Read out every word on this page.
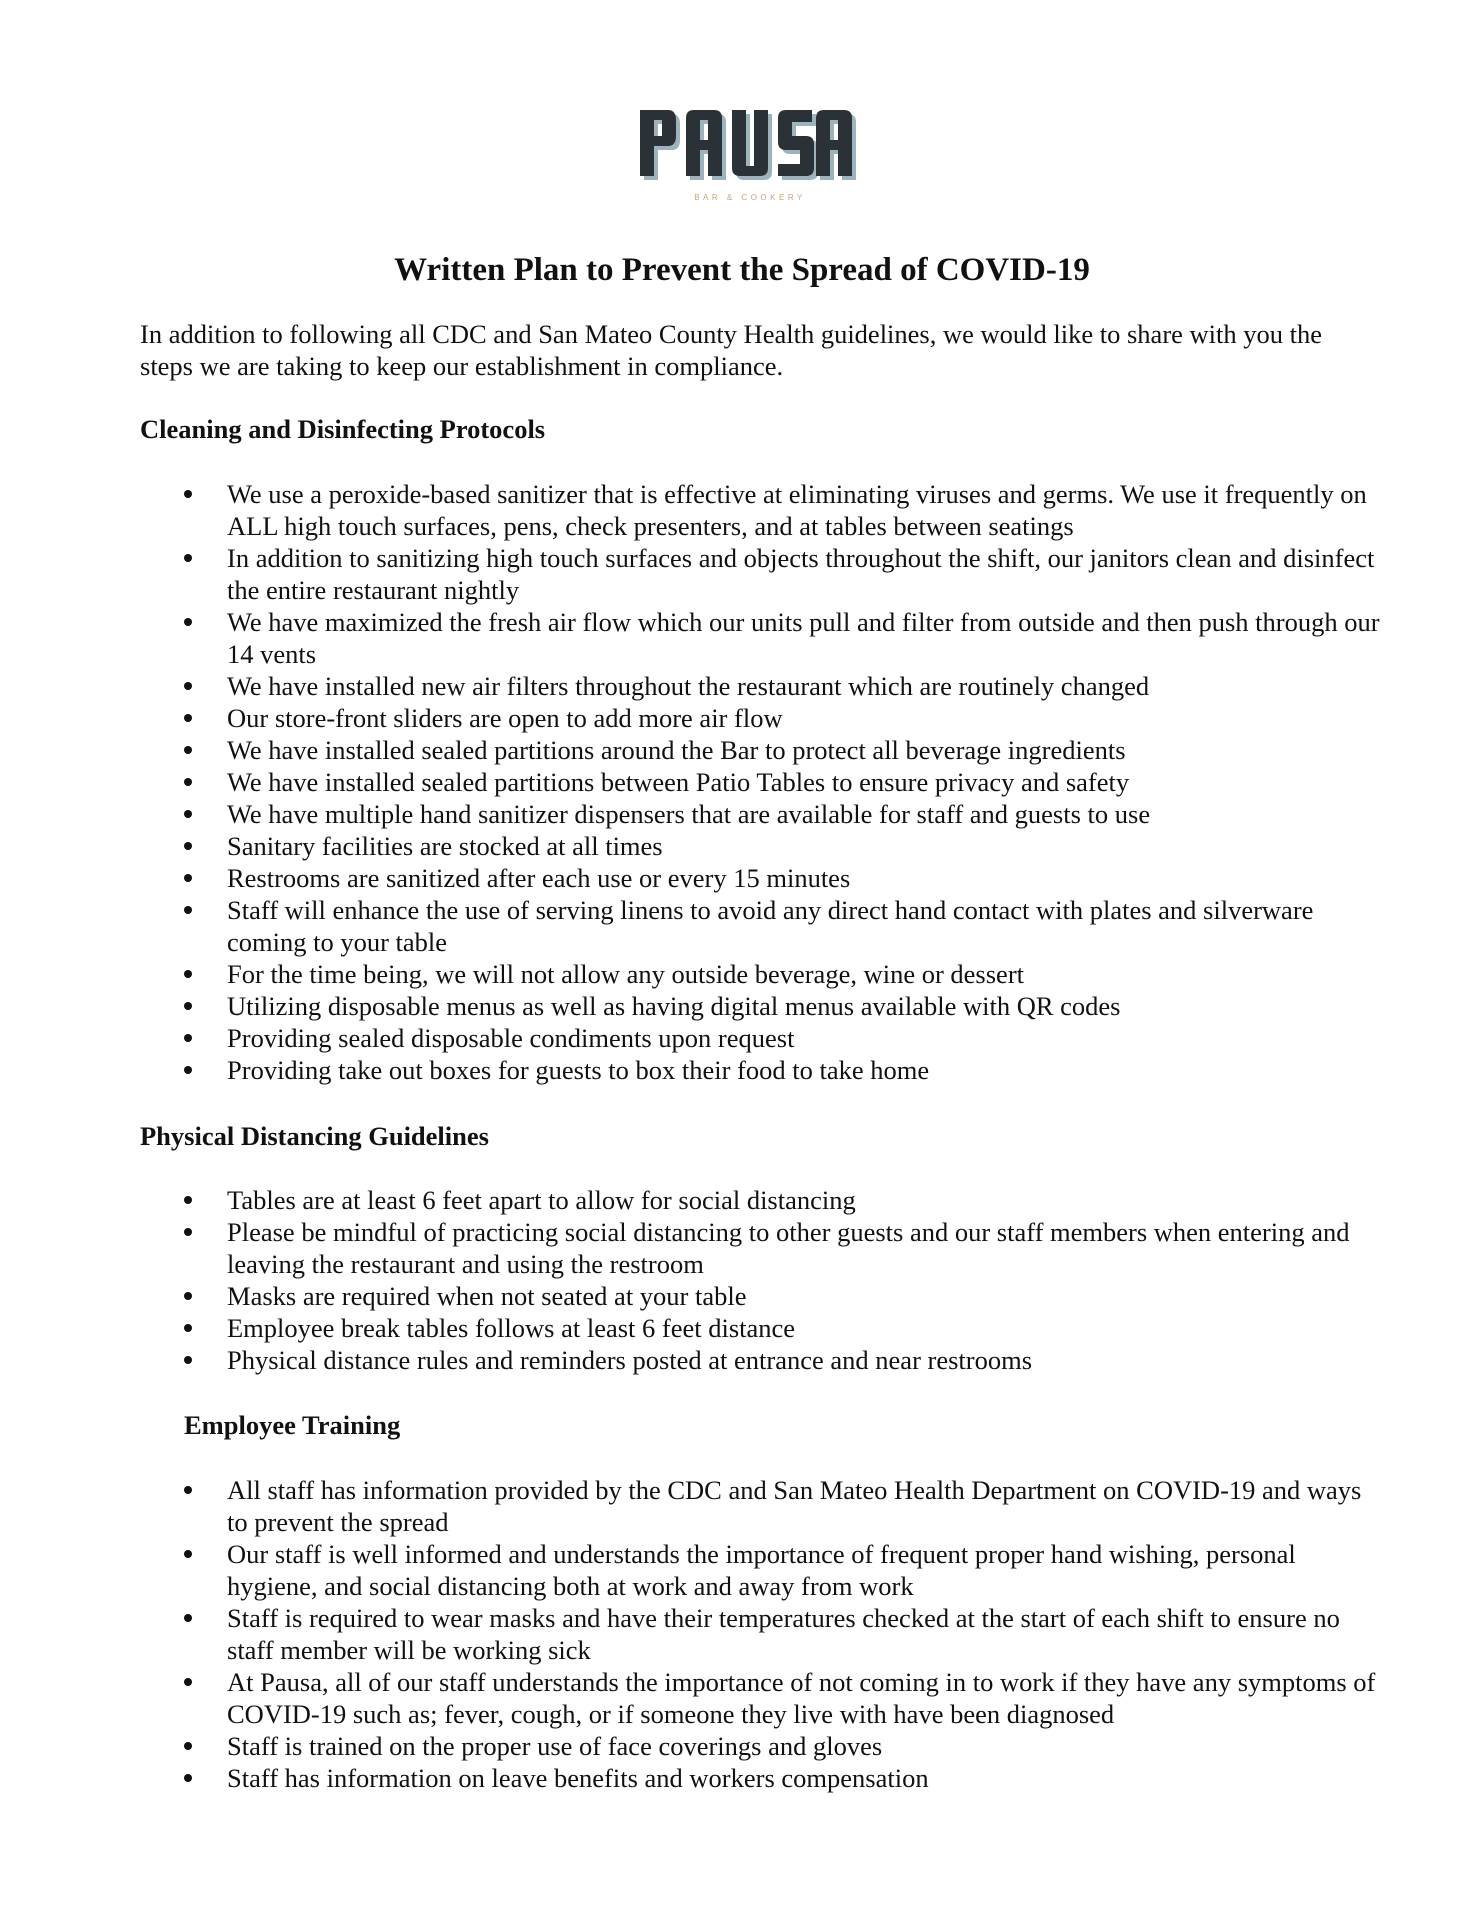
BAR & COOKERY
Written Plan to Prevent the Spread of COVID-19

In addition to following all CDC and San Mateo County Health guidelines, we would like to share with you the steps we are taking to keep our establishment in compliance.

Cleaning and Disinfecting Protocols
We use a peroxide-based sanitizer that is effective at eliminating viruses and germs. We use it frequently on ALL high touch surfaces, pens, check presenters, and at tables between seatings
In addition to sanitizing high touch surfaces and objects throughout the shift, our janitors clean and disinfect the entire restaurant nightly
We have maximized the fresh air flow which our units pull and filter from outside and then push through our 14 vents
We have installed new air filters throughout the restaurant which are routinely changed
Our store-front sliders are open to add more air flow
We have installed sealed partitions around the Bar to protect all beverage ingredients
We have installed sealed partitions between Patio Tables to ensure privacy and safety
We have multiple hand sanitizer dispensers that are available for staff and guests to use
Sanitary facilities are stocked at all times
Restrooms are sanitized after each use or every 15 minutes
Staff will enhance the use of serving linens to avoid any direct hand contact with plates and silverware coming to your table
For the time being, we will not allow any outside beverage, wine or dessert
Utilizing disposable menus as well as having digital menus available with QR codes
Providing sealed disposable condiments upon request
Providing take out boxes for guests to box their food to take home
Physical Distancing Guidelines
Tables are at least 6 feet apart to allow for social distancing
Please be mindful of practicing social distancing to other guests and our staff members when entering and leaving the restaurant and using the restroom
Masks are required when not seated at your table
Employee break tables follows at least 6 feet distance
Physical distance rules and reminders posted at entrance and near restrooms
Employee Training
All staff has information provided by the CDC and San Mateo Health Department on COVID-19 and ways to prevent the spread
Our staff is well informed and understands the importance of frequent proper hand wishing, personal hygiene, and social distancing both at work and away from work
Staff is required to wear masks and have their temperatures checked at the start of each shift to ensure no staff member will be working sick
At Pausa, all of our staff understands the importance of not coming in to work if they have any symptoms of COVID-19 such as; fever, cough, or if someone they live with have been diagnosed
Staff is trained on the proper use of face coverings and gloves
Staff has information on leave benefits and workers compensation
